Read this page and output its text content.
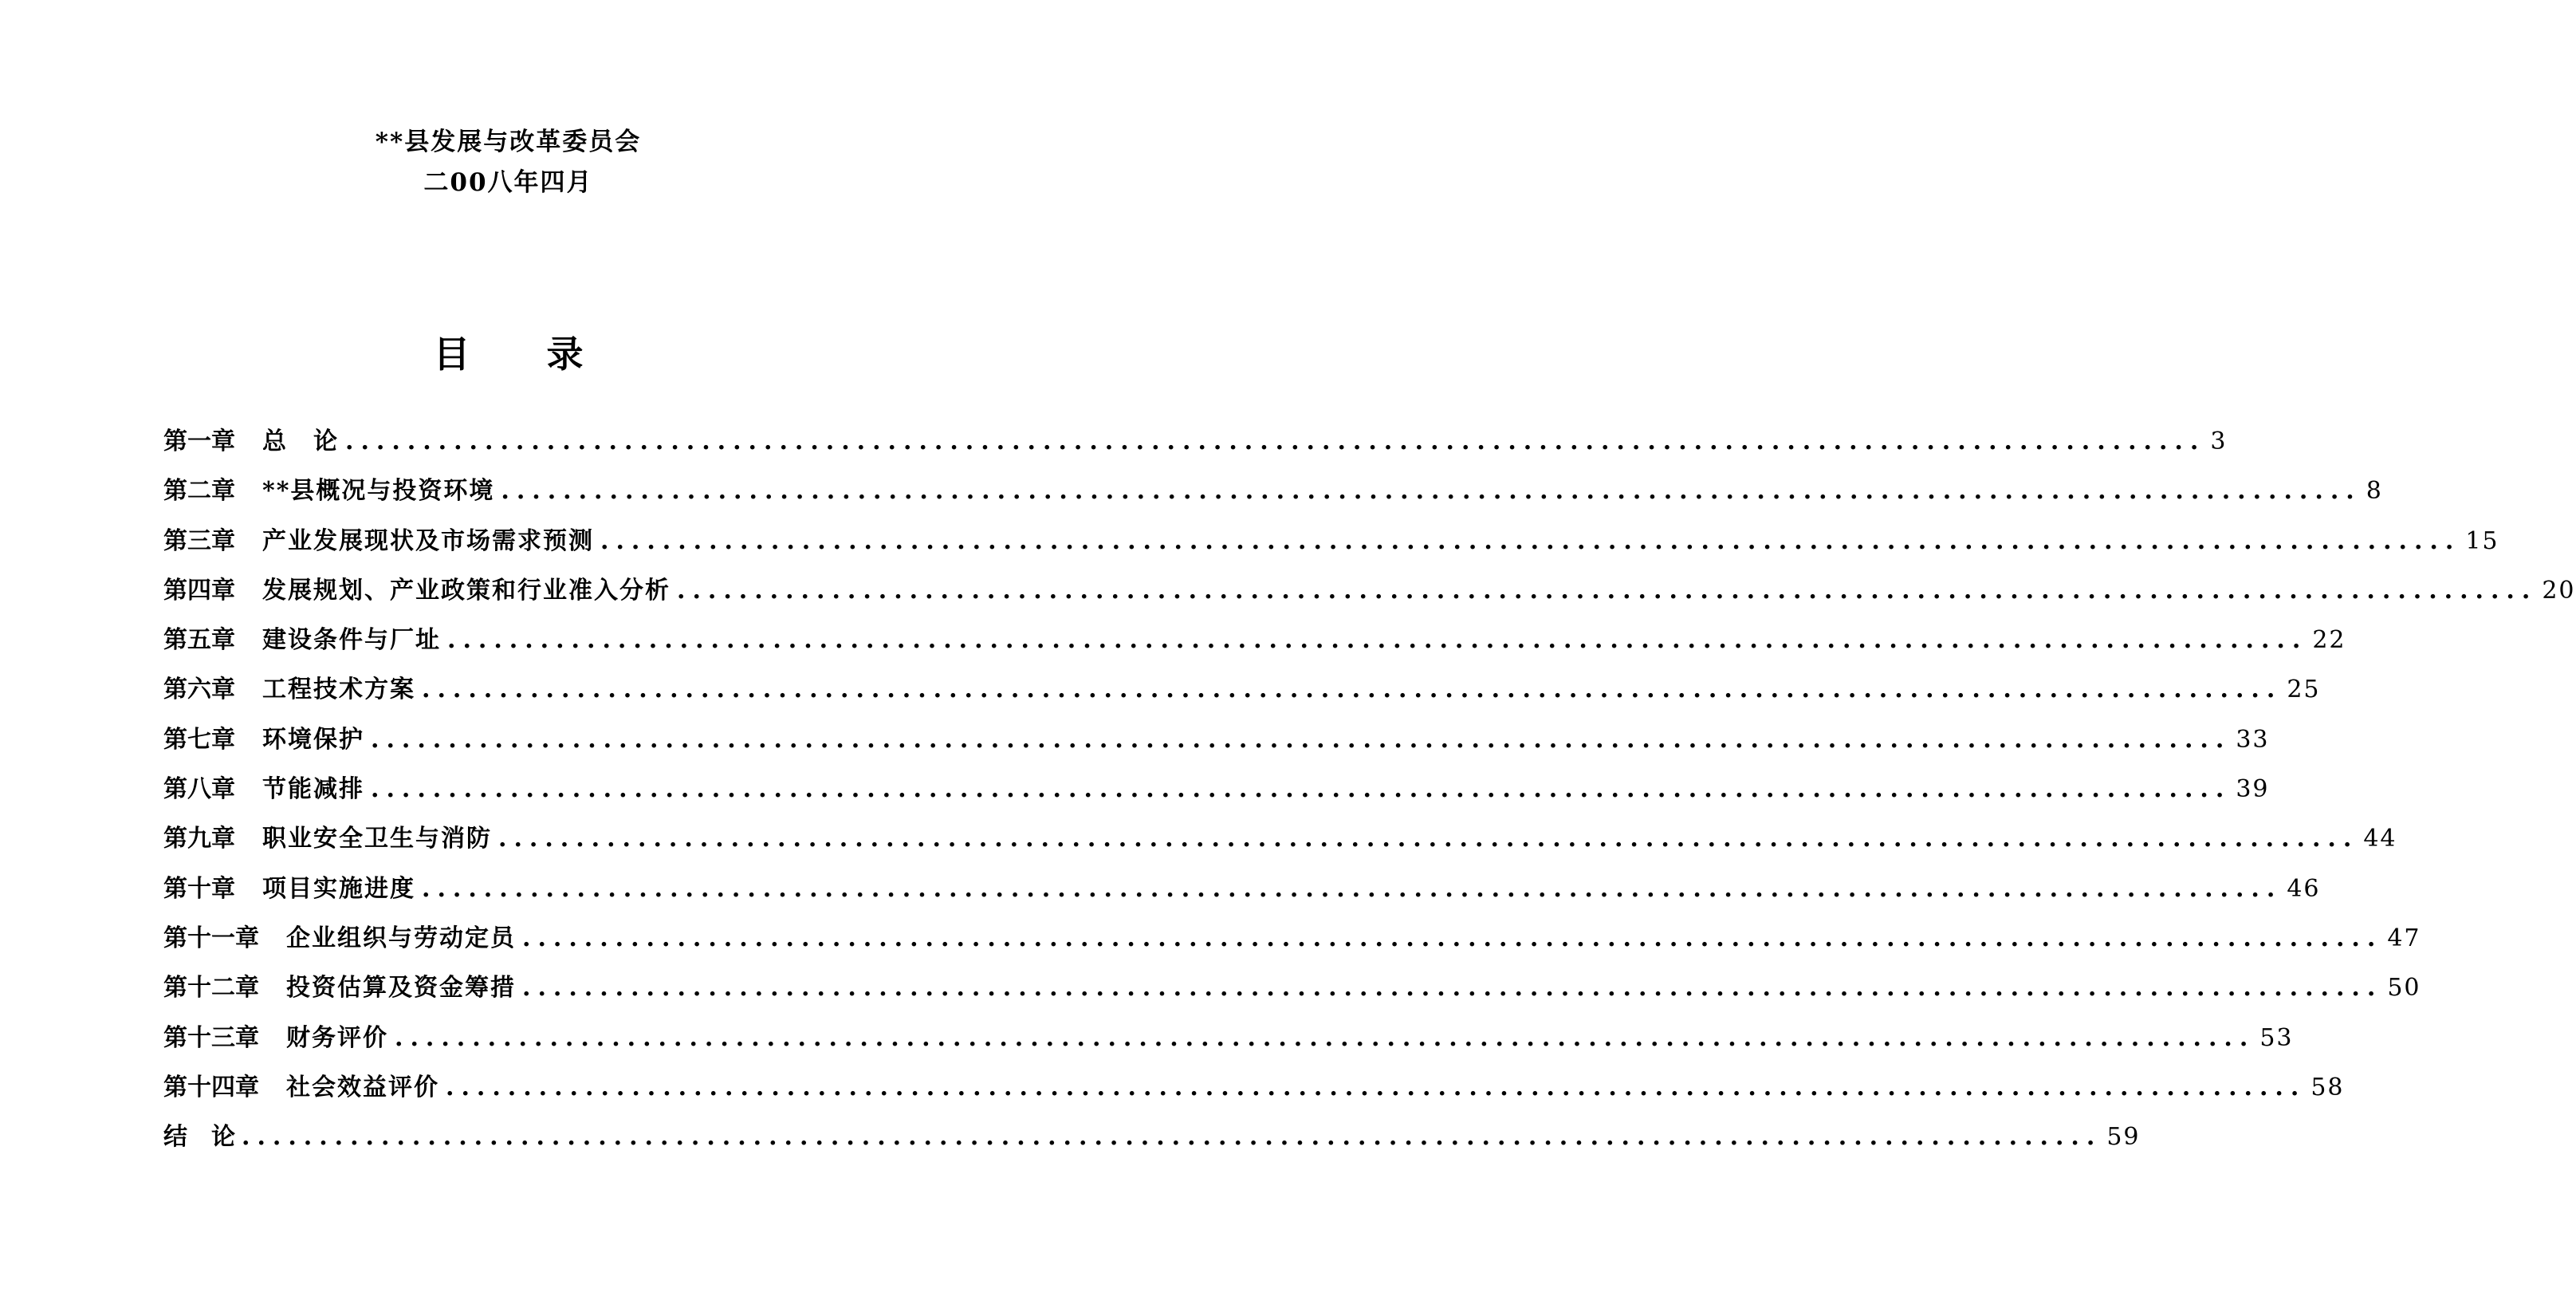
**县发展与改革委员会
二00八年四月
目 录
第一章 总　论 ........................................................................................................................ 3
第二章 **县概况与投资环境 ........................................................................................................................ 8
第三章 产业发展现状及市场需求预测 ........................................................................................................................ 15
第四章 发展规划、产业政策和行业准入分析 ........................................................................................................................ 20
第五章 建设条件与厂址 ........................................................................................................................ 22
第六章 工程技术方案 ........................................................................................................................ 25
第七章 环境保护 ........................................................................................................................ 33
第八章 节能减排 ........................................................................................................................ 39
第九章 职业安全卫生与消防 ........................................................................................................................ 44
第十章 项目实施进度 ........................................................................................................................ 46
第十一章 企业组织与劳动定员 ........................................................................................................................ 47
第十二章 投资估算及资金筹措 ........................................................................................................................ 50
第十三章 财务评价 ........................................................................................................................ 53
第十四章 社会效益评价 ........................................................................................................................ 58
结　论 ........................................................................................................................ 59
